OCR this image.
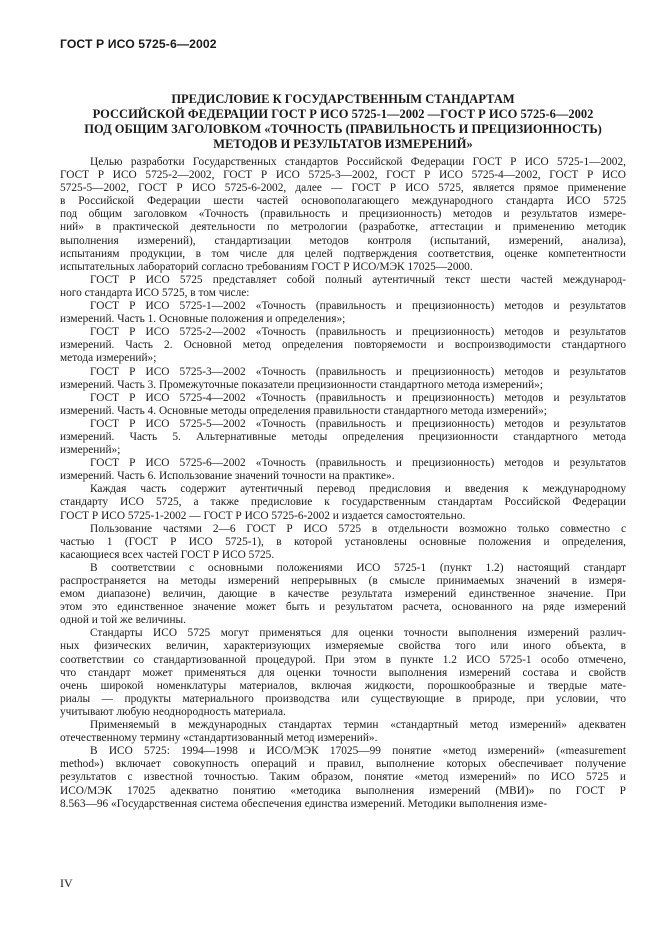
ГОСТ Р ИСО 5725-6—2002
ПРЕДИСЛОВИЕ К ГОСУДАРСТВЕННЫМ СТАНДАРТАМ
РОССИЙСКОЙ ФЕДЕРАЦИИ ГОСТ Р ИСО 5725-1—2002 —ГОСТ Р ИСО 5725-6—2002
ПОД ОБЩИМ ЗАГОЛОВКОМ «ТОЧНОСТЬ (ПРАВИЛЬНОСТЬ И ПРЕЦИЗИОННОСТЬ)
МЕТОДОВ И РЕЗУЛЬТАТОВ ИЗМЕРЕНИЙ»
Целью разработки Государственных стандартов Российской Федерации ГОСТ Р ИСО 5725-1—2002,
ГОСТ Р ИСО 5725-2—2002, ГОСТ Р ИСО 5725-3—2002, ГОСТ Р ИСО 5725-4—2002, ГОСТ Р ИСО
5725-5—2002, ГОСТ Р ИСО 5725-6-2002, далее — ГОСТ Р ИСО 5725, является прямое применение
в Российской Федерации шести частей основополагающего международного стандарта ИСО 5725
под общим заголовком «Точность (правильность и прецизионность) методов и результатов измере-
ний» в практической деятельности по метрологии (разработке, аттестации и применению методик
выполнения измерений), стандартизации методов контроля (испытаний, измерений, анализа),
испытаниям продукции, в том числе для целей подтверждения соответствия, оценке компетентности
испытательных лабораторий согласно требованиям ГОСТ Р ИСО/МЭК 17025—2000.
ГОСТ Р ИСО 5725 представляет собой полный аутентичный текст шести частей международ-
ного стандарта ИСО 5725, в том числе:
ГОСТ Р ИСО 5725-1—2002 «Точность (правильность и прецизионность) методов и результатов
измерений. Часть 1. Основные положения и определения»;
ГОСТ Р ИСО 5725-2—2002 «Точность (правильность и прецизионность) методов и результатов
измерений. Часть 2. Основной метод определения повторяемости и воспроизводимости стандартного
метода измерений»;
ГОСТ Р ИСО 5725-3—2002 «Точность (правильность и прецизионность) методов и результатов
измерений. Часть 3. Промежуточные показатели прецизионности стандартного метода измерений»;
ГОСТ Р ИСО 5725-4—2002 «Точность (правильность и прецизионность) методов и результатов
измерений. Часть 4. Основные методы определения правильности стандартного метода измерений»;
ГОСТ Р ИСО 5725-5—2002 «Точность (правильность и прецизионность) методов и результатов
измерений. Часть 5. Альтернативные методы определения прецизионности стандартного метода
измерений»;
ГОСТ Р ИСО 5725-6—2002 «Точность (правильность и прецизионность) методов и результатов
измерений. Часть 6. Использование значений точности на практике».
Каждая часть содержит аутентичный перевод предисловия и введения к международному
стандарту ИСО 5725, а также предисловие к государственным стандартам Российской Федерации
ГОСТ Р ИСО 5725-1-2002 — ГОСТ Р ИСО 5725-6-2002 и издается самостоятельно.
Пользование частями 2—6 ГОСТ Р ИСО 5725 в отдельности возможно только совместно с
частью 1 (ГОСТ Р ИСО 5725-1), в которой установлены основные положения и определения,
касающиеся всех частей ГОСТ Р ИСО 5725.
В соответствии с основными положениями ИСО 5725-1 (пункт 1.2) настоящий стандарт
распространяется на методы измерений непрерывных (в смысле принимаемых значений в измеря-
емом диапазоне) величин, дающие в качестве результата измерений единственное значение. При
этом это единственное значение может быть и результатом расчета, основанного на ряде измерений
одной и той же величины.
Стандарты ИСО 5725 могут применяться для оценки точности выполнения измерений различ-
ных физических величин, характеризующих измеряемые свойства того или иного объекта, в
соответствии со стандартизованной процедурой. При этом в пункте 1.2 ИСО 5725-1 особо отмечено,
что стандарт может применяться для оценки точности выполнения измерений состава и свойств
очень широкой номенклатуры материалов, включая жидкости, порошкообразные и твердые мате-
риалы — продукты материального производства или существующие в природе, при условии, что
учитывают любую неоднородность материала.
Применяемый в международных стандартах термин «стандартный метод измерений» адекватен
отечественному термину «стандартизованный метод измерений».
В ИСО 5725: 1994—1998 и ИСО/МЭК 17025—99 понятие «метод измерений» («measurement
method») включает совокупность операций и правил, выполнение которых обеспечивает получение
результатов с известной точностью. Таким образом, понятие «метод измерений» по ИСО 5725 и
ИСО/МЭК 17025 адекватно понятию «методика выполнения измерений (МВИ)» по ГОСТ Р
8.563—96 «Государственная система обеспечения единства измерений. Методики выполнения изме-
IV
